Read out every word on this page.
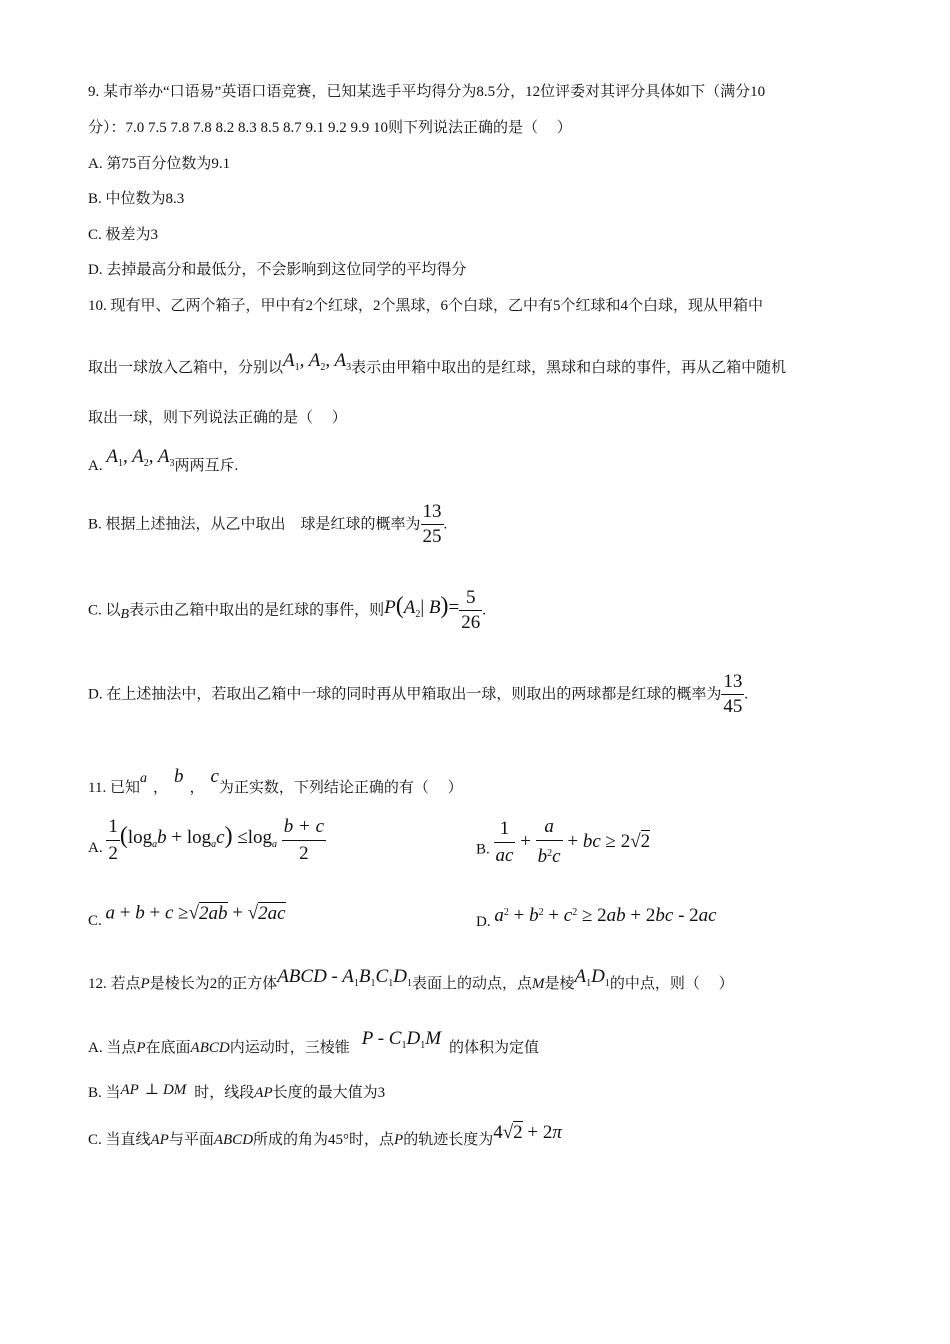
9. 某市举办“口语易”英语口语竞赛，已知某选手平均得分为8.5分，12位评委对其评分具体如下（满分10
分）：7.0 7.5 7.8 7.8 8.2 8.3 8.5 8.7 9.1 9.2 9.9 10则下列说法正确的是（　 ）
A. 第75百分位数为9.1
B. 中位数为8.3
C. 极差为3
D. 去掉最高分和最低分，不会影响到这位同学的平均得分
10. 现有甲、乙两个箱子，甲中有2个红球，2个黑球，6个白球，乙中有5个红球和4个白球，现从甲箱中
取出一球放入乙箱中，分别以$A_1$, $A_2$, $A_3$表示由甲箱中取出的是红球，黑球和白球的事件，再从乙箱中随机
取出一球，则下列说法正确的是（　 ）
A. $A_1$, $A_2$, $A_3$两两互斥.
B. 根据上述抽法，从乙中取出　球是红球的概率为 $\frac{13}{25}$ .
C. 以B表示由乙箱中取出的是红球的事件，则$P(A_2|$ $B)= \frac{5}{26}$ .
D. 在上述抽法中，若取出乙箱中一球的同时再从甲箱取出一球，则取出的两球都是红球的概率为 $\frac{13}{45}$ .
11. 已知a，b，c为正实数，下列结论正确的有（　 ）
A. $\frac{1}{2} (\log_ab + \log_ac) \le\log_a \frac{b + c}{2}$	B. $\frac{1}{ac} + \frac{a}{b^2c}$ + bc ≥ 2√2
C. a + b + c ≥√2ab + √2ac	D. $a^2 + b^2 + c^2 \ge 2ab + 2bc - 2ac$
12. 若点P是棱长为2的正方体ABCD - $A_1B_1C_1D_1$表面上的动点，点M是棱$A_1D_1$的中点，则（　 ）
A. 当点P在底面ABCD内运动时，三棱锥 P - $C_1D_1M$ 的体积为定值
B. 当AP ⊥ DM 时，线段AP长度的最大值为3
C. 当直线AP与平面ABCD所成的角为45°时，点P的轨迹长度为4√2 + 2π
